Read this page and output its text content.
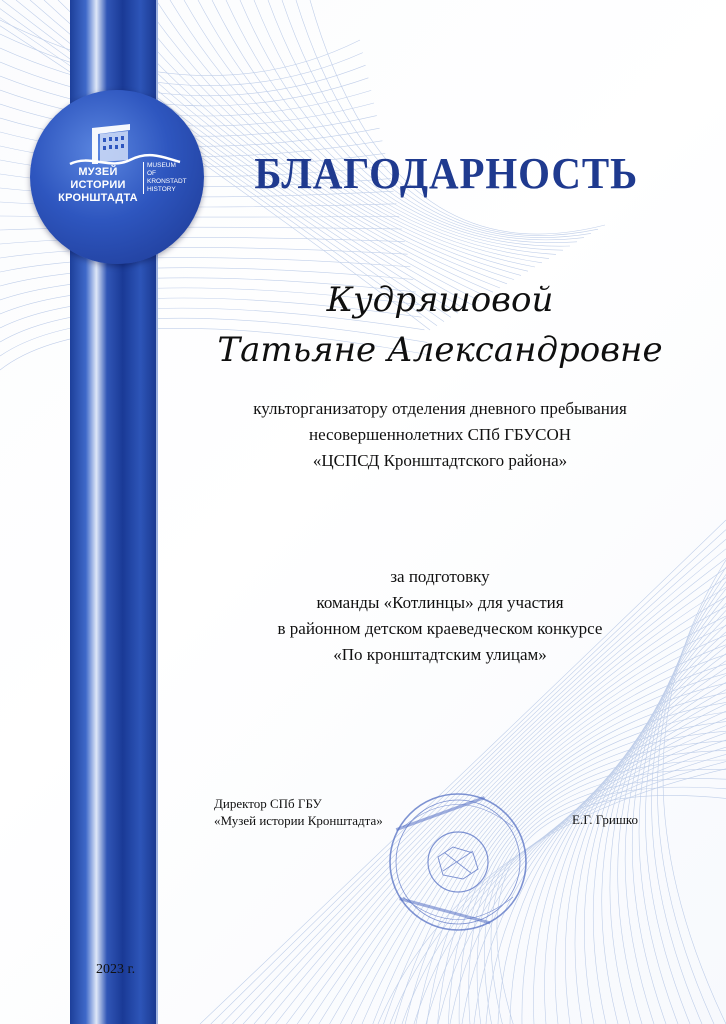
МУЗЕЙ ИСТОРИИ
КРОНШТАДТА
MUSEUM
OF KRONSTADT
HISTORY	БЛАГОДАРНОСТЬ
Кудряшовой
Татьяне Александровне
культорганизатору отделения дневного пребывания
несовершеннолетних СПб ГБУСОН
«ЦСПСД Кронштадтского района»
за подготовку
команды «Котлинцы» для участия
в районном детском краеведческом конкурсе
«По кронштадтским улицам»
Директор СПб ГБУ
«Музей истории Кронштадта»	Е.Г. Гришко
2023 г.
